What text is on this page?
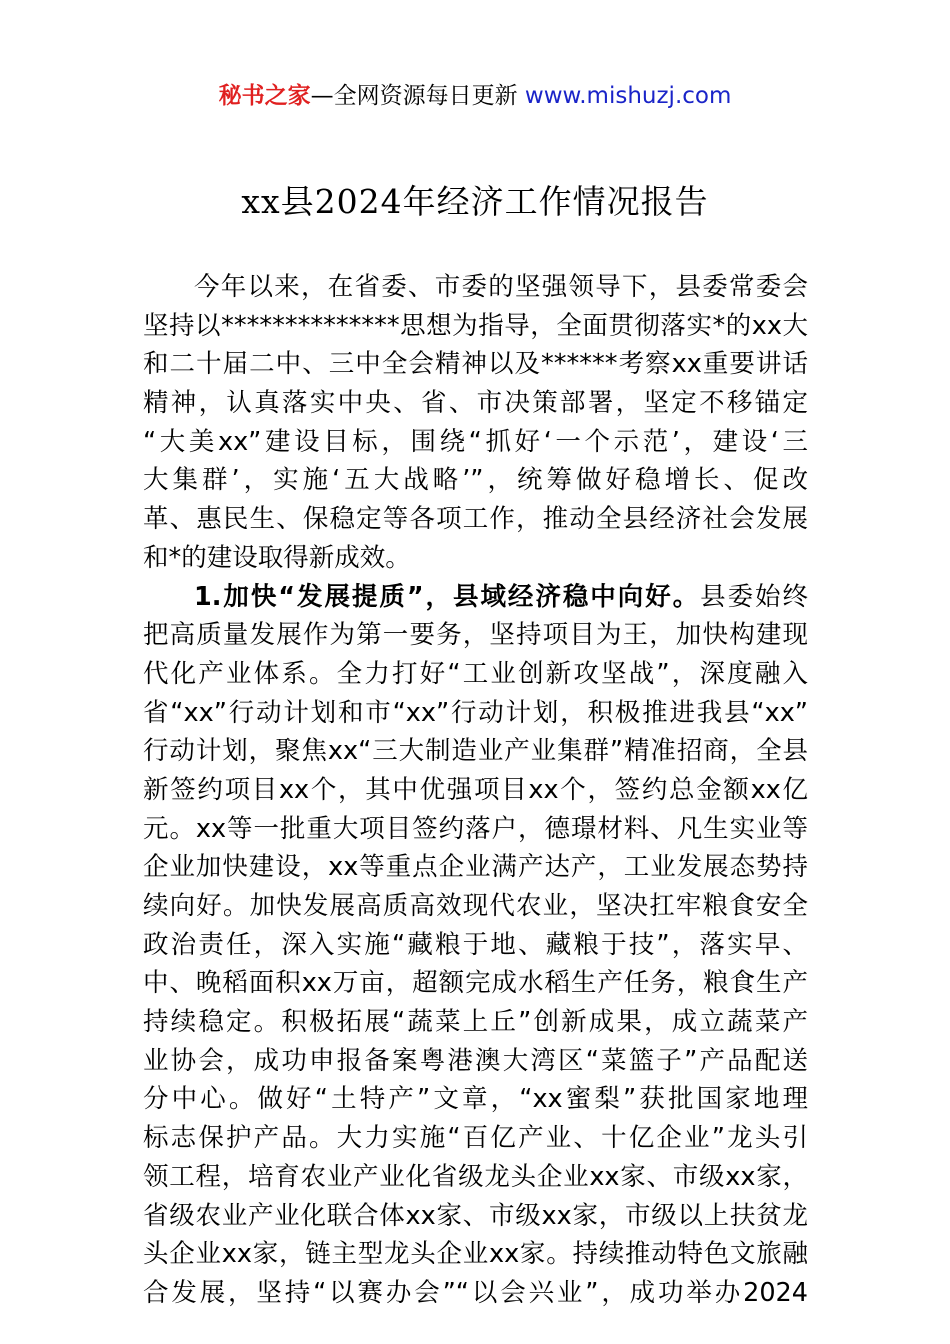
秘书之家—全网资源每日更新 www.mishuzj.com
xx县2024年经济工作情况报告
今年以来，在省委、市委的坚强领导下，县委常委会
坚持以**************思想为指导，全面贯彻落实*的xx大
和二十届二中、三中全会精神以及******考察xx重要讲话
精神，认真落实中央、省、市决策部署，坚定不移锚定
“大美xx”建设目标，围绕“抓好‘一个示范’，建设‘三
大集群’，实施‘五大战略’”，统筹做好稳增长、促改
革、惠民生、保稳定等各项工作，推动全县经济社会发展
和*的建设取得新成效。
1.加快“发展提质”，县域经济稳中向好。县委始终
把高质量发展作为第一要务，坚持项目为王，加快构建现
代化产业体系。全力打好“工业创新攻坚战”，深度融入
省“xx”行动计划和市“xx”行动计划，积极推进我县“xx”
行动计划，聚焦xx“三大制造业产业集群”精准招商，全县
新签约项目xx个，其中优强项目xx个，签约总金额xx亿
元。xx等一批重大项目签约落户，德璟材料、凡生实业等
企业加快建设，xx等重点企业满产达产，工业发展态势持
续向好。加快发展高质高效现代农业，坚决扛牢粮食安全
政治责任，深入实施“藏粮于地、藏粮于技”，落实早、
中、晚稻面积xx万亩，超额完成水稻生产任务，粮食生产
持续稳定。积极拓展“蔬菜上丘”创新成果，成立蔬菜产
业协会，成功申报备案粤港澳大湾区“菜篮子”产品配送
分中心。做好“土特产”文章，“xx蜜梨”获批国家地理
标志保护产品。大力实施“百亿产业、十亿企业”龙头引
领工程，培育农业产业化省级龙头企业xx家、市级xx家，
省级农业产业化联合体xx家、市级xx家，市级以上扶贫龙
头企业xx家，链主型龙头企业xx家。持续推动特色文旅融
合发展，坚持“以赛办会”“以会兴业”，成功举办2024
